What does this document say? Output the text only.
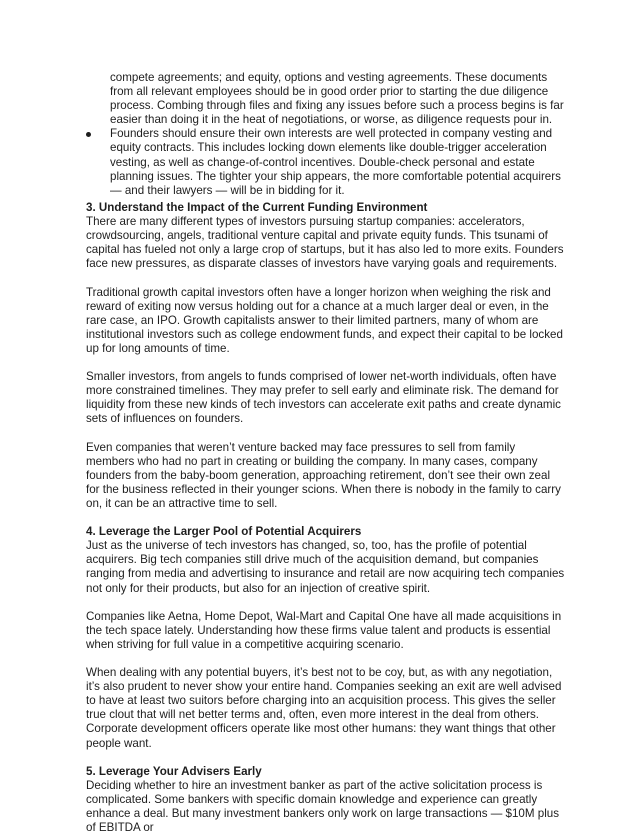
compete agreements; and equity, options and vesting agreements. These documents from all relevant employees should be in good order prior to starting the due diligence process. Combing through files and fixing any issues before such a process begins is far easier than doing it in the heat of negotiations, or worse, as diligence requests pour in.
Founders should ensure their own interests are well protected in company vesting and equity contracts. This includes locking down elements like double-trigger acceleration vesting, as well as change-of-control incentives. Double-check personal and estate planning issues. The tighter your ship appears, the more comfortable potential acquirers — and their lawyers — will be in bidding for it.
3. Understand the Impact of the Current Funding Environment

There are many different types of investors pursuing startup companies: accelerators, crowdsourcing, angels, traditional venture capital and private equity funds. This tsunami of capital has fueled not only a large crop of startups, but it has also led to more exits. Founders face new pressures, as disparate classes of investors have varying goals and requirements.

Traditional growth capital investors often have a longer horizon when weighing the risk and reward of exiting now versus holding out for a chance at a much larger deal or even, in the rare case, an IPO. Growth capitalists answer to their limited partners, many of whom are institutional investors such as college endowment funds, and expect their capital to be locked up for long amounts of time.

Smaller investors, from angels to funds comprised of lower net-worth individuals, often have more constrained timelines. They may prefer to sell early and eliminate risk. The demand for liquidity from these new kinds of tech investors can accelerate exit paths and create dynamic sets of influences on founders.

Even companies that weren’t venture backed may face pressures to sell from family members who had no part in creating or building the company. In many cases, company founders from the baby-boom generation, approaching retirement, don’t see their own zeal for the business reflected in their younger scions. When there is nobody in the family to carry on, it can be an attractive time to sell.

4. Leverage the Larger Pool of Potential Acquirers

Just as the universe of tech investors has changed, so, too, has the profile of potential acquirers. Big tech companies still drive much of the acquisition demand, but companies ranging from media and advertising to insurance and retail are now acquiring tech companies not only for their products, but also for an injection of creative spirit.

Companies like Aetna, Home Depot, Wal-Mart and Capital One have all made acquisitions in the tech space lately. Understanding how these firms value talent and products is essential when striving for full value in a competitive acquiring scenario.

When dealing with any potential buyers, it’s best not to be coy, but, as with any negotiation, it’s also prudent to never show your entire hand. Companies seeking an exit are well advised to have at least two suitors before charging into an acquisition process. This gives the seller true clout that will net better terms and, often, even more interest in the deal from others. Corporate development officers operate like most other humans: they want things that other people want.

5. Leverage Your Advisers Early

Deciding whether to hire an investment banker as part of the active solicitation process is complicated. Some bankers with specific domain knowledge and experience can greatly enhance a deal. But many investment bankers only work on large transactions — $10M plus of EBITDA or
